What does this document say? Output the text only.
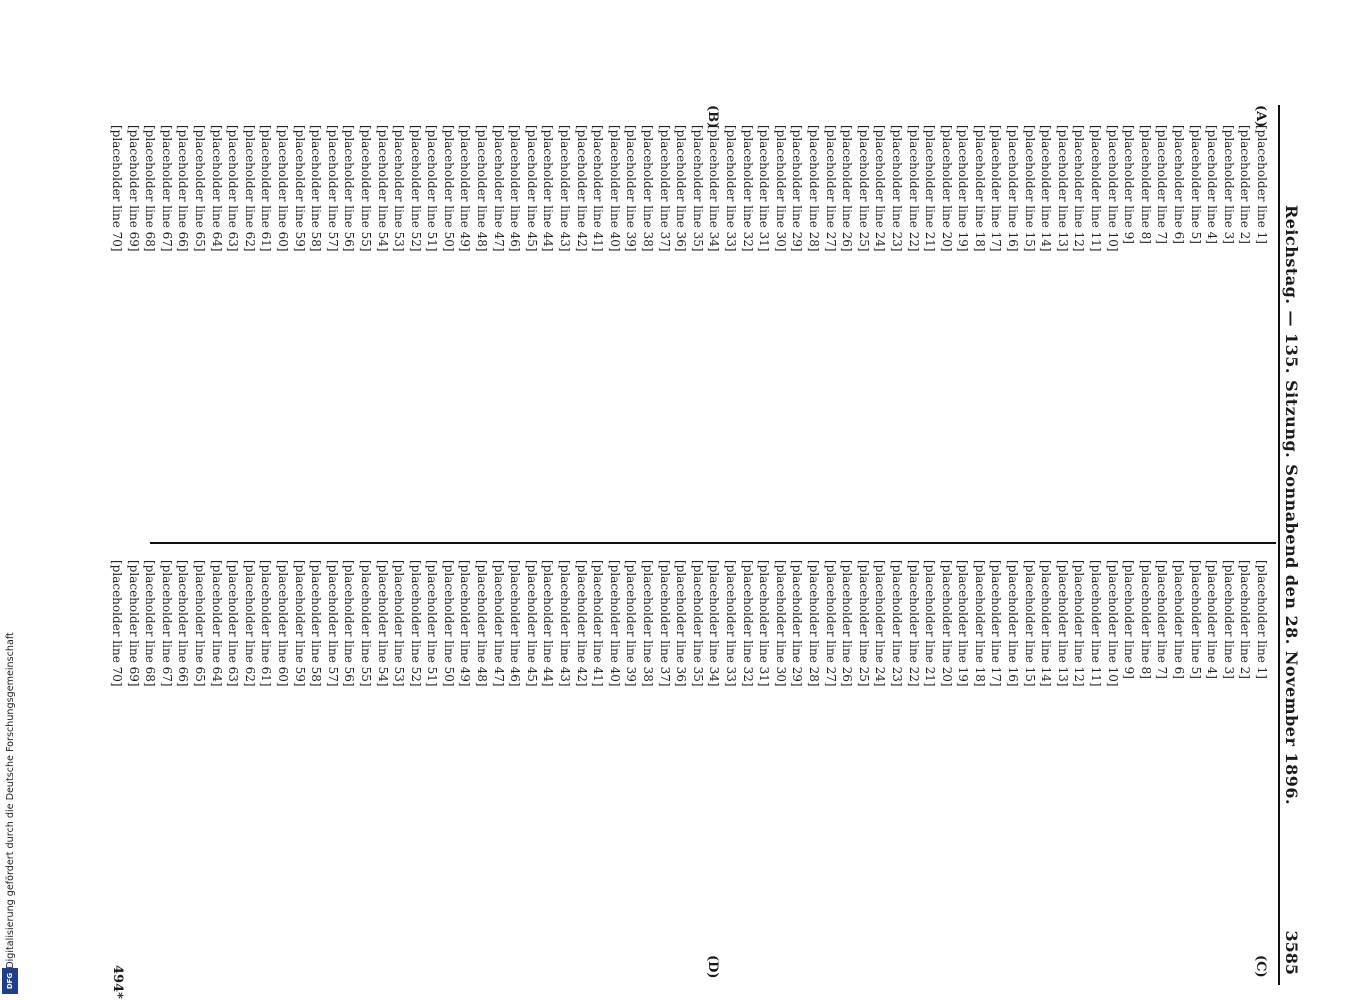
Digitalisierung gefördert durch die Deutsche Forschungsgemeinschaft
DFG
Reichstag. — 135. Sitzung. Sonnabend den 28. November 1896.
3585
(A)
(B)
(C)
(D)
[placeholder line 1]
[placeholder line 2]
[placeholder line 3]
[placeholder line 4]
[placeholder line 5]
[placeholder line 6]
[placeholder line 7]
[placeholder line 8]
[placeholder line 9]
[placeholder line 10]
[placeholder line 11]
[placeholder line 12]
[placeholder line 13]
[placeholder line 14]
[placeholder line 15]
[placeholder line 16]
[placeholder line 17]
[placeholder line 18]
[placeholder line 19]
[placeholder line 20]
[placeholder line 21]
[placeholder line 22]
[placeholder line 23]
[placeholder line 24]
[placeholder line 25]
[placeholder line 26]
[placeholder line 27]
[placeholder line 28]
[placeholder line 29]
[placeholder line 30]
[placeholder line 31]
[placeholder line 32]
[placeholder line 33]
[placeholder line 34]
[placeholder line 35]
[placeholder line 36]
[placeholder line 37]
[placeholder line 38]
[placeholder line 39]
[placeholder line 40]
[placeholder line 41]
[placeholder line 42]
[placeholder line 43]
[placeholder line 44]
[placeholder line 45]
[placeholder line 46]
[placeholder line 47]
[placeholder line 48]
[placeholder line 49]
[placeholder line 50]
[placeholder line 51]
[placeholder line 52]
[placeholder line 53]
[placeholder line 54]
[placeholder line 55]
[placeholder line 56]
[placeholder line 57]
[placeholder line 58]
[placeholder line 59]
[placeholder line 60]
[placeholder line 61]
[placeholder line 62]
[placeholder line 63]
[placeholder line 64]
[placeholder line 65]
[placeholder line 66]
[placeholder line 67]
[placeholder line 68]
[placeholder line 69]
[placeholder line 70]
[placeholder line 1]
[placeholder line 2]
[placeholder line 3]
[placeholder line 4]
[placeholder line 5]
[placeholder line 6]
[placeholder line 7]
[placeholder line 8]
[placeholder line 9]
[placeholder line 10]
[placeholder line 11]
[placeholder line 12]
[placeholder line 13]
[placeholder line 14]
[placeholder line 15]
[placeholder line 16]
[placeholder line 17]
[placeholder line 18]
[placeholder line 19]
[placeholder line 20]
[placeholder line 21]
[placeholder line 22]
[placeholder line 23]
[placeholder line 24]
[placeholder line 25]
[placeholder line 26]
[placeholder line 27]
[placeholder line 28]
[placeholder line 29]
[placeholder line 30]
[placeholder line 31]
[placeholder line 32]
[placeholder line 33]
[placeholder line 34]
[placeholder line 35]
[placeholder line 36]
[placeholder line 37]
[placeholder line 38]
[placeholder line 39]
[placeholder line 40]
[placeholder line 41]
[placeholder line 42]
[placeholder line 43]
[placeholder line 44]
[placeholder line 45]
[placeholder line 46]
[placeholder line 47]
[placeholder line 48]
[placeholder line 49]
[placeholder line 50]
[placeholder line 51]
[placeholder line 52]
[placeholder line 53]
[placeholder line 54]
[placeholder line 55]
[placeholder line 56]
[placeholder line 57]
[placeholder line 58]
[placeholder line 59]
[placeholder line 60]
[placeholder line 61]
[placeholder line 62]
[placeholder line 63]
[placeholder line 64]
[placeholder line 65]
[placeholder line 66]
[placeholder line 67]
[placeholder line 68]
[placeholder line 69]
[placeholder line 70]
494*
